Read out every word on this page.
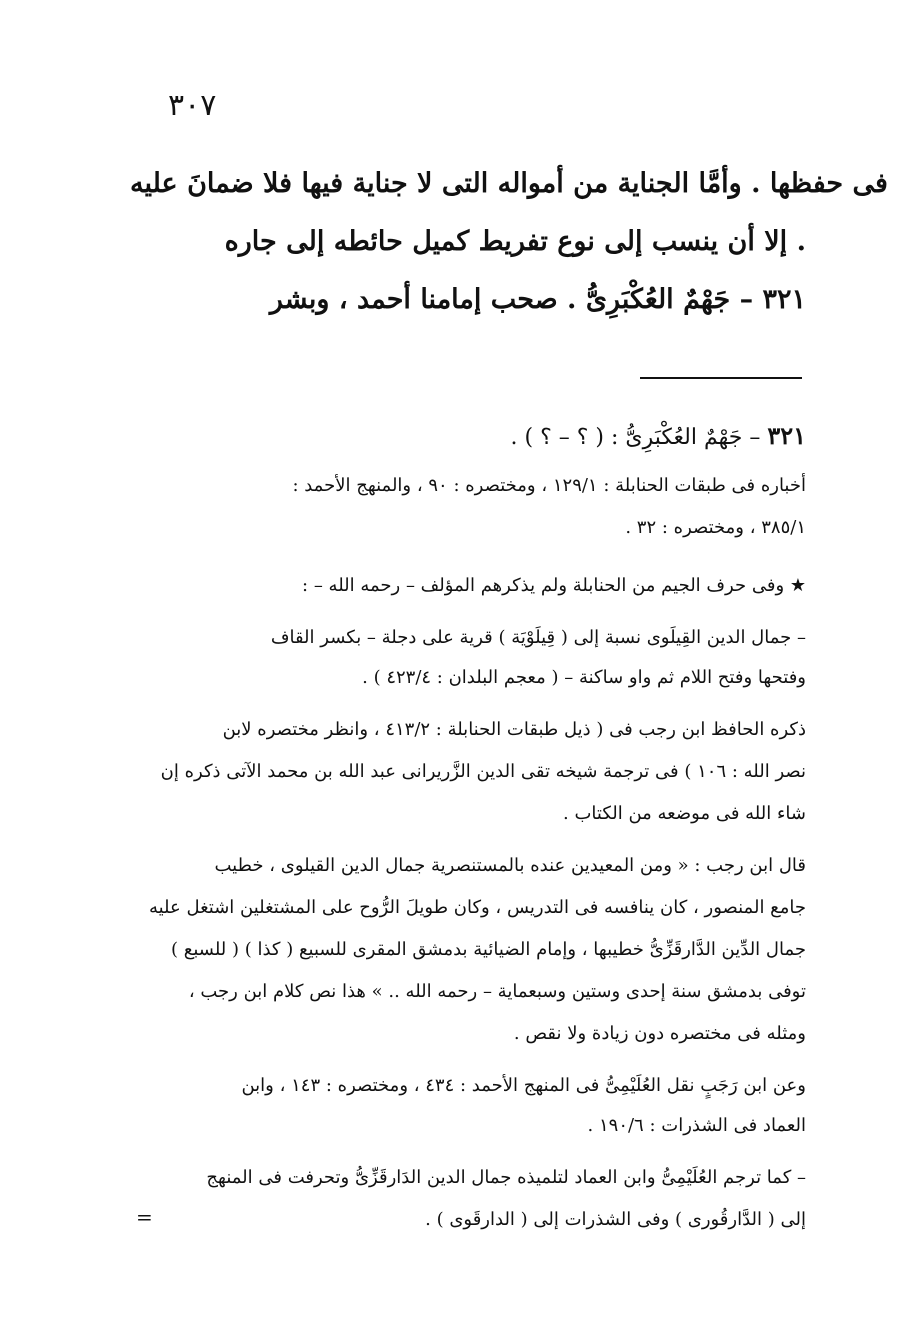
٣٠٧
فى حفظها . وأمَّا الجناية من أمواله التى لا جناية فيها فلا ضمانَ عليه
إلا أن ينسب إلى نوع تفريط كميل حائطه إلى جاره .
٣٢١ – جَهْمٌ العُكْبَرِىُّ . صحب إمامنا أحمد ، وبشر
٣٢١ – جَهْمٌ العُكْبَرِىُّ : ( ؟ – ؟ ) .
أخباره فى طبقات الحنابلة : ١٢٩/١ ، ومختصره : ٩٠ ، والمنهج الأحمد :
٣٨٥/١ ، ومختصره : ٣٢ .
★ وفى حرف الجيم من الحنابلة ولم يذكرهم المؤلف – رحمه الله – :
– جمال الدين القِيلَوى نسبة إلى ( قِيلَوْيَة ) قرية على دجلة – بكسر القاف
وفتحها وفتح اللام ثم واو ساكنة – ( معجم البلدان : ٤٢٣/٤ ) .
ذكره الحافظ ابن رجب فى ( ذيل طبقات الحنابلة : ٤١٣/٢ ، وانظر مختصره لابن
نصر الله : ١٠٦ ) فى ترجمة شيخه تقى الدين الزَّريرانى عبد الله بن محمد الآتى ذكره إن
شاء الله فى موضعه من الكتاب .
قال ابن رجب : « ومن المعيدين عنده بالمستنصرية جمال الدين القيلوى ، خطيب
جامع المنصور ، كان ينافسه فى التدريس ، وكان طويلَ الرُّوح على المشتغلين اشتغل عليه
جمال الدِّين الدَّارقَزِّىُّ خطيبها ، وإمام الضيائية بدمشق المقرى للسبيع ( كذا ) ( للسبع )
توفى بدمشق سنة إحدى وستين وسبعماية – رحمه الله .. » هذا نص كلام ابن رجب ،
ومثله فى مختصره دون زيادة ولا نقص .
وعن ابن رَجَبٍ نقل العُلَيْمِىُّ فى المنهج الأحمد : ٤٣٤ ، ومختصره : ١٤٣ ، وابن
العماد فى الشذرات : ١٩٠/٦ .
– كما ترجم العُلَيْمِىُّ وابن العماد لتلميذه جمال الدين الدَارقَزِّىُّ وتحرفت فى المنهج
إلى ( الدَّارقُورى ) وفى الشذرات إلى ( الدارقَوى ) .
=
